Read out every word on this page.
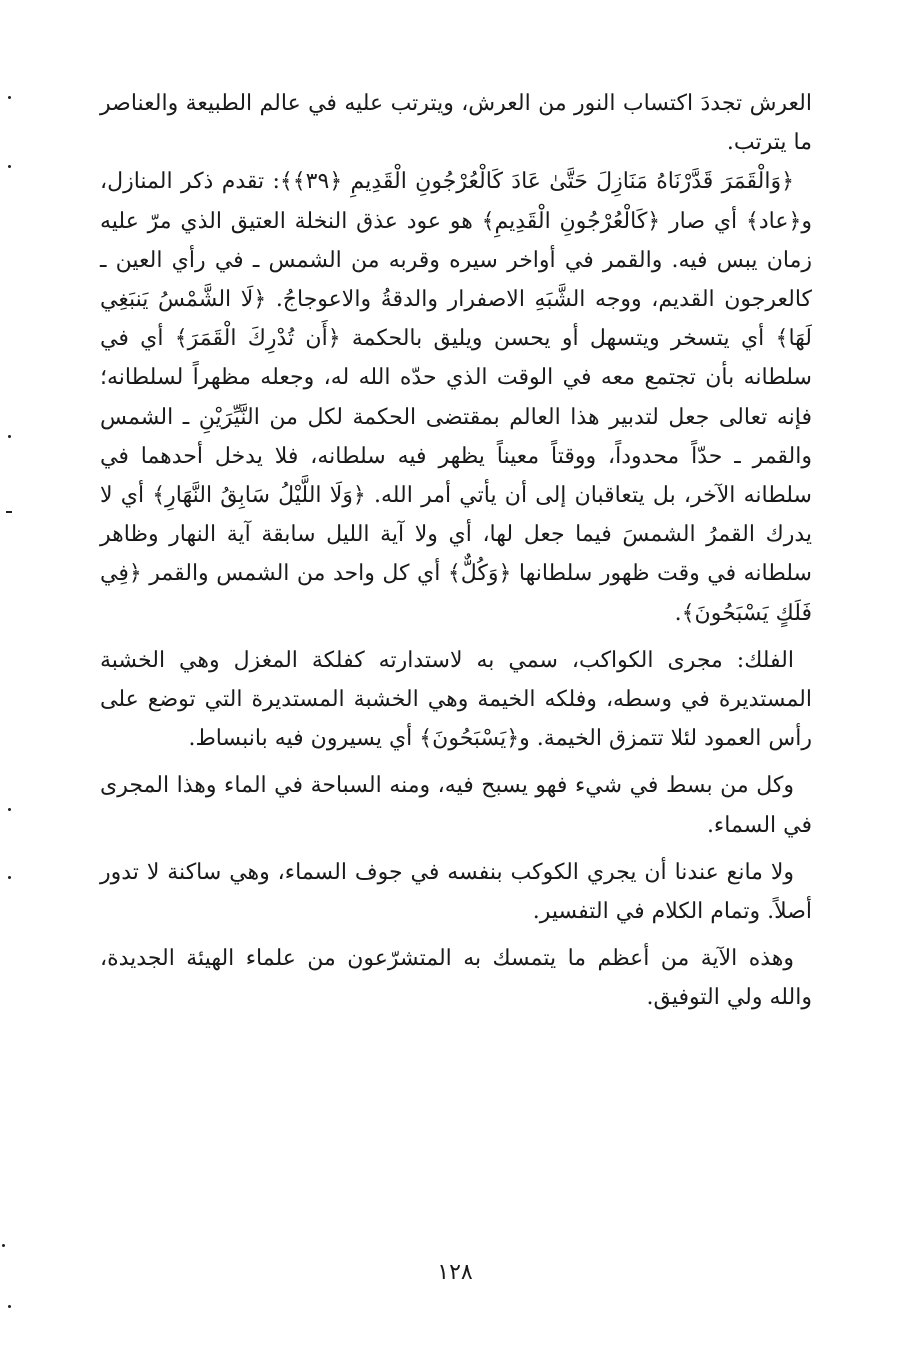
العرش تجددَ اكتساب النور من العرش، ويترتب عليه في عالم الطبيعة والعناصر ما يترتب.

﴿وَالْقَمَرَ قَدَّرْنَاهُ مَنَازِلَ حَتَّىٰ عَادَ كَالْعُرْجُونِ الْقَدِيمِ ﴿٣٩﴾﴾: تقدم ذكر المنازل، و﴿عاد﴾ أي صار ﴿كَالْعُرْجُونِ الْقَدِيمِ﴾ هو عود عذق النخلة العتيق الذي مرّ عليه زمان يبس فيه. والقمر في أواخر سيره وقربه من الشمس ـ في رأي العين ـ كالعرجون القديم، ووجه الشَّبَهِ الاصفرار والدقةُ والاعوجاجُ. ﴿لَا الشَّمْسُ يَنبَغِي لَهَا﴾ أي يتسخر ويتسهل أو يحسن ويليق بالحكمة ﴿أَن تُدْرِكَ الْقَمَرَ﴾ أي في سلطانه بأن تجتمع معه في الوقت الذي حدّه الله له، وجعله مظهراً لسلطانه؛ فإنه تعالى جعل لتدبير هذا العالم بمقتضى الحكمة لكل من النَّيِّرَيْنِ ـ الشمس والقمر ـ حدّاً محدوداً، ووقتاً معيناً يظهر فيه سلطانه، فلا يدخل أحدهما في سلطانه الآخر، بل يتعاقبان إلى أن يأتي أمر الله. ﴿وَلَا اللَّيْلُ سَابِقُ النَّهَارِ﴾ أي لا يدرك القمرُ الشمسَ فيما جعل لها، أي ولا آية الليل سابقة آية النهار وظاهر سلطانه في وقت ظهور سلطانها ﴿وَكُلٌّ﴾ أي كل واحد من الشمس والقمر ﴿فِي فَلَكٍ يَسْبَحُونَ﴾.

الفلك: مجرى الكواكب، سمي به لاستدارته كفلكة المغزل وهي الخشبة المستديرة في وسطه، وفلكه الخيمة وهي الخشبة المستديرة التي توضع على رأس العمود لئلا تتمزق الخيمة. و﴿يَسْبَحُونَ﴾ أي يسيرون فيه بانبساط.

وكل من بسط في شيء فهو يسبح فيه، ومنه السباحة في الماء وهذا المجرى في السماء.

ولا مانع عندنا أن يجري الكوكب بنفسه في جوف السماء، وهي ساكنة لا تدور أصلاً. وتمام الكلام في التفسير.

وهذه الآية من أعظم ما يتمسك به المتشرّعون من علماء الهيئة الجديدة، والله ولي التوفيق.

١٢٨
